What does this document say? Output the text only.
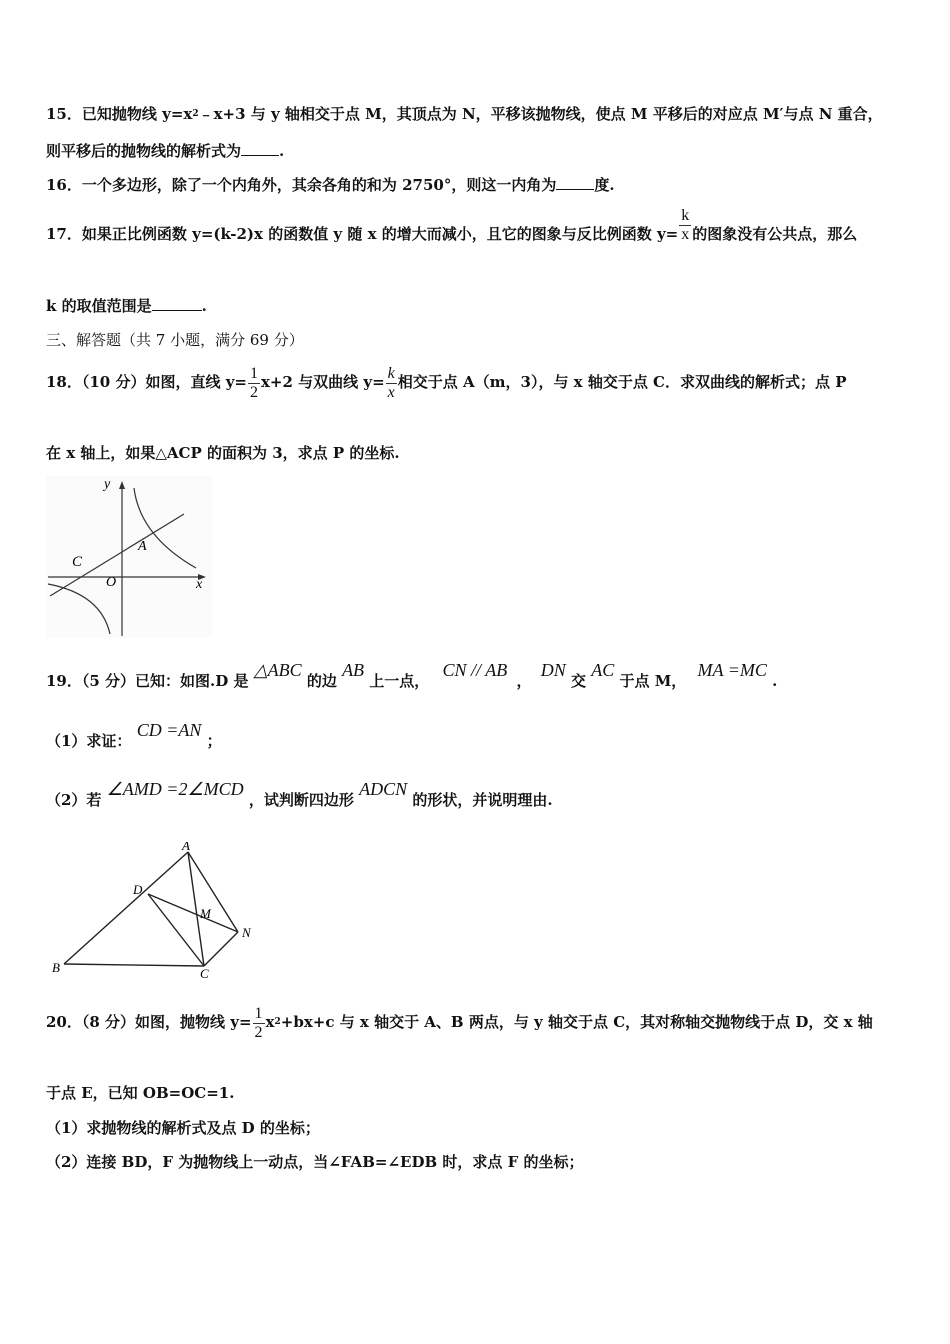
15．已知抛物线 $y=x^2﹣x+3$ 与 y 轴相交于点 M，其顶点为 N，平移该抛物线，使点 M 平移后的对应点 M′与点 N 重合，
则平移后的抛物线的解析式为	.
16．一个多边形，除了一个内角外，其余各角的和为 2750°，则这一内角为	度.
17．如果正比例函数 y=(k-2)x 的函数值 y 随 x 的增大而减小，且它的图象与反比例函数 $y= \frac{k}{x}$ 的图象没有公共点，那么
k 的取值范围是	.
三、解答题（共 7 小题，满分 69 分）
18．（10 分）如图，直线 $y= \frac{1}{2} x+2$ 与双曲线 $y= \frac{k}{x}$ 相交于点 A（m，3），与 x 轴交于点 C．求双曲线的解析式；点 P
在 x 轴上，如果△ACP 的面积为 3，求点 P 的坐标.
y
x
C
A
O
19．（5 分）已知：如图.D 是 △ABC 的边 AB 上一点， CN // AB ， DN 交 AC 于点 M， MA =MC .
（1）求证： CD =AN ；
（2）若 ∠AMD =2∠MCD ，试判断四边形 ADCN 的形状，并说明理由.
A
D
M
N
B	C
20．（8 分）如图，抛物线 $y= \frac{1}{2} x^2+bx+c$ 与 x 轴交于 A、B 两点，与 y 轴交于点 C，其对称轴交抛物线于点 D，交 x 轴
于点 E，已知 OB=OC=1.
（1）求抛物线的解析式及点 D 的坐标；
（2）连接 BD，F 为抛物线上一动点，当∠FAB=∠EDB 时，求点 F 的坐标；
